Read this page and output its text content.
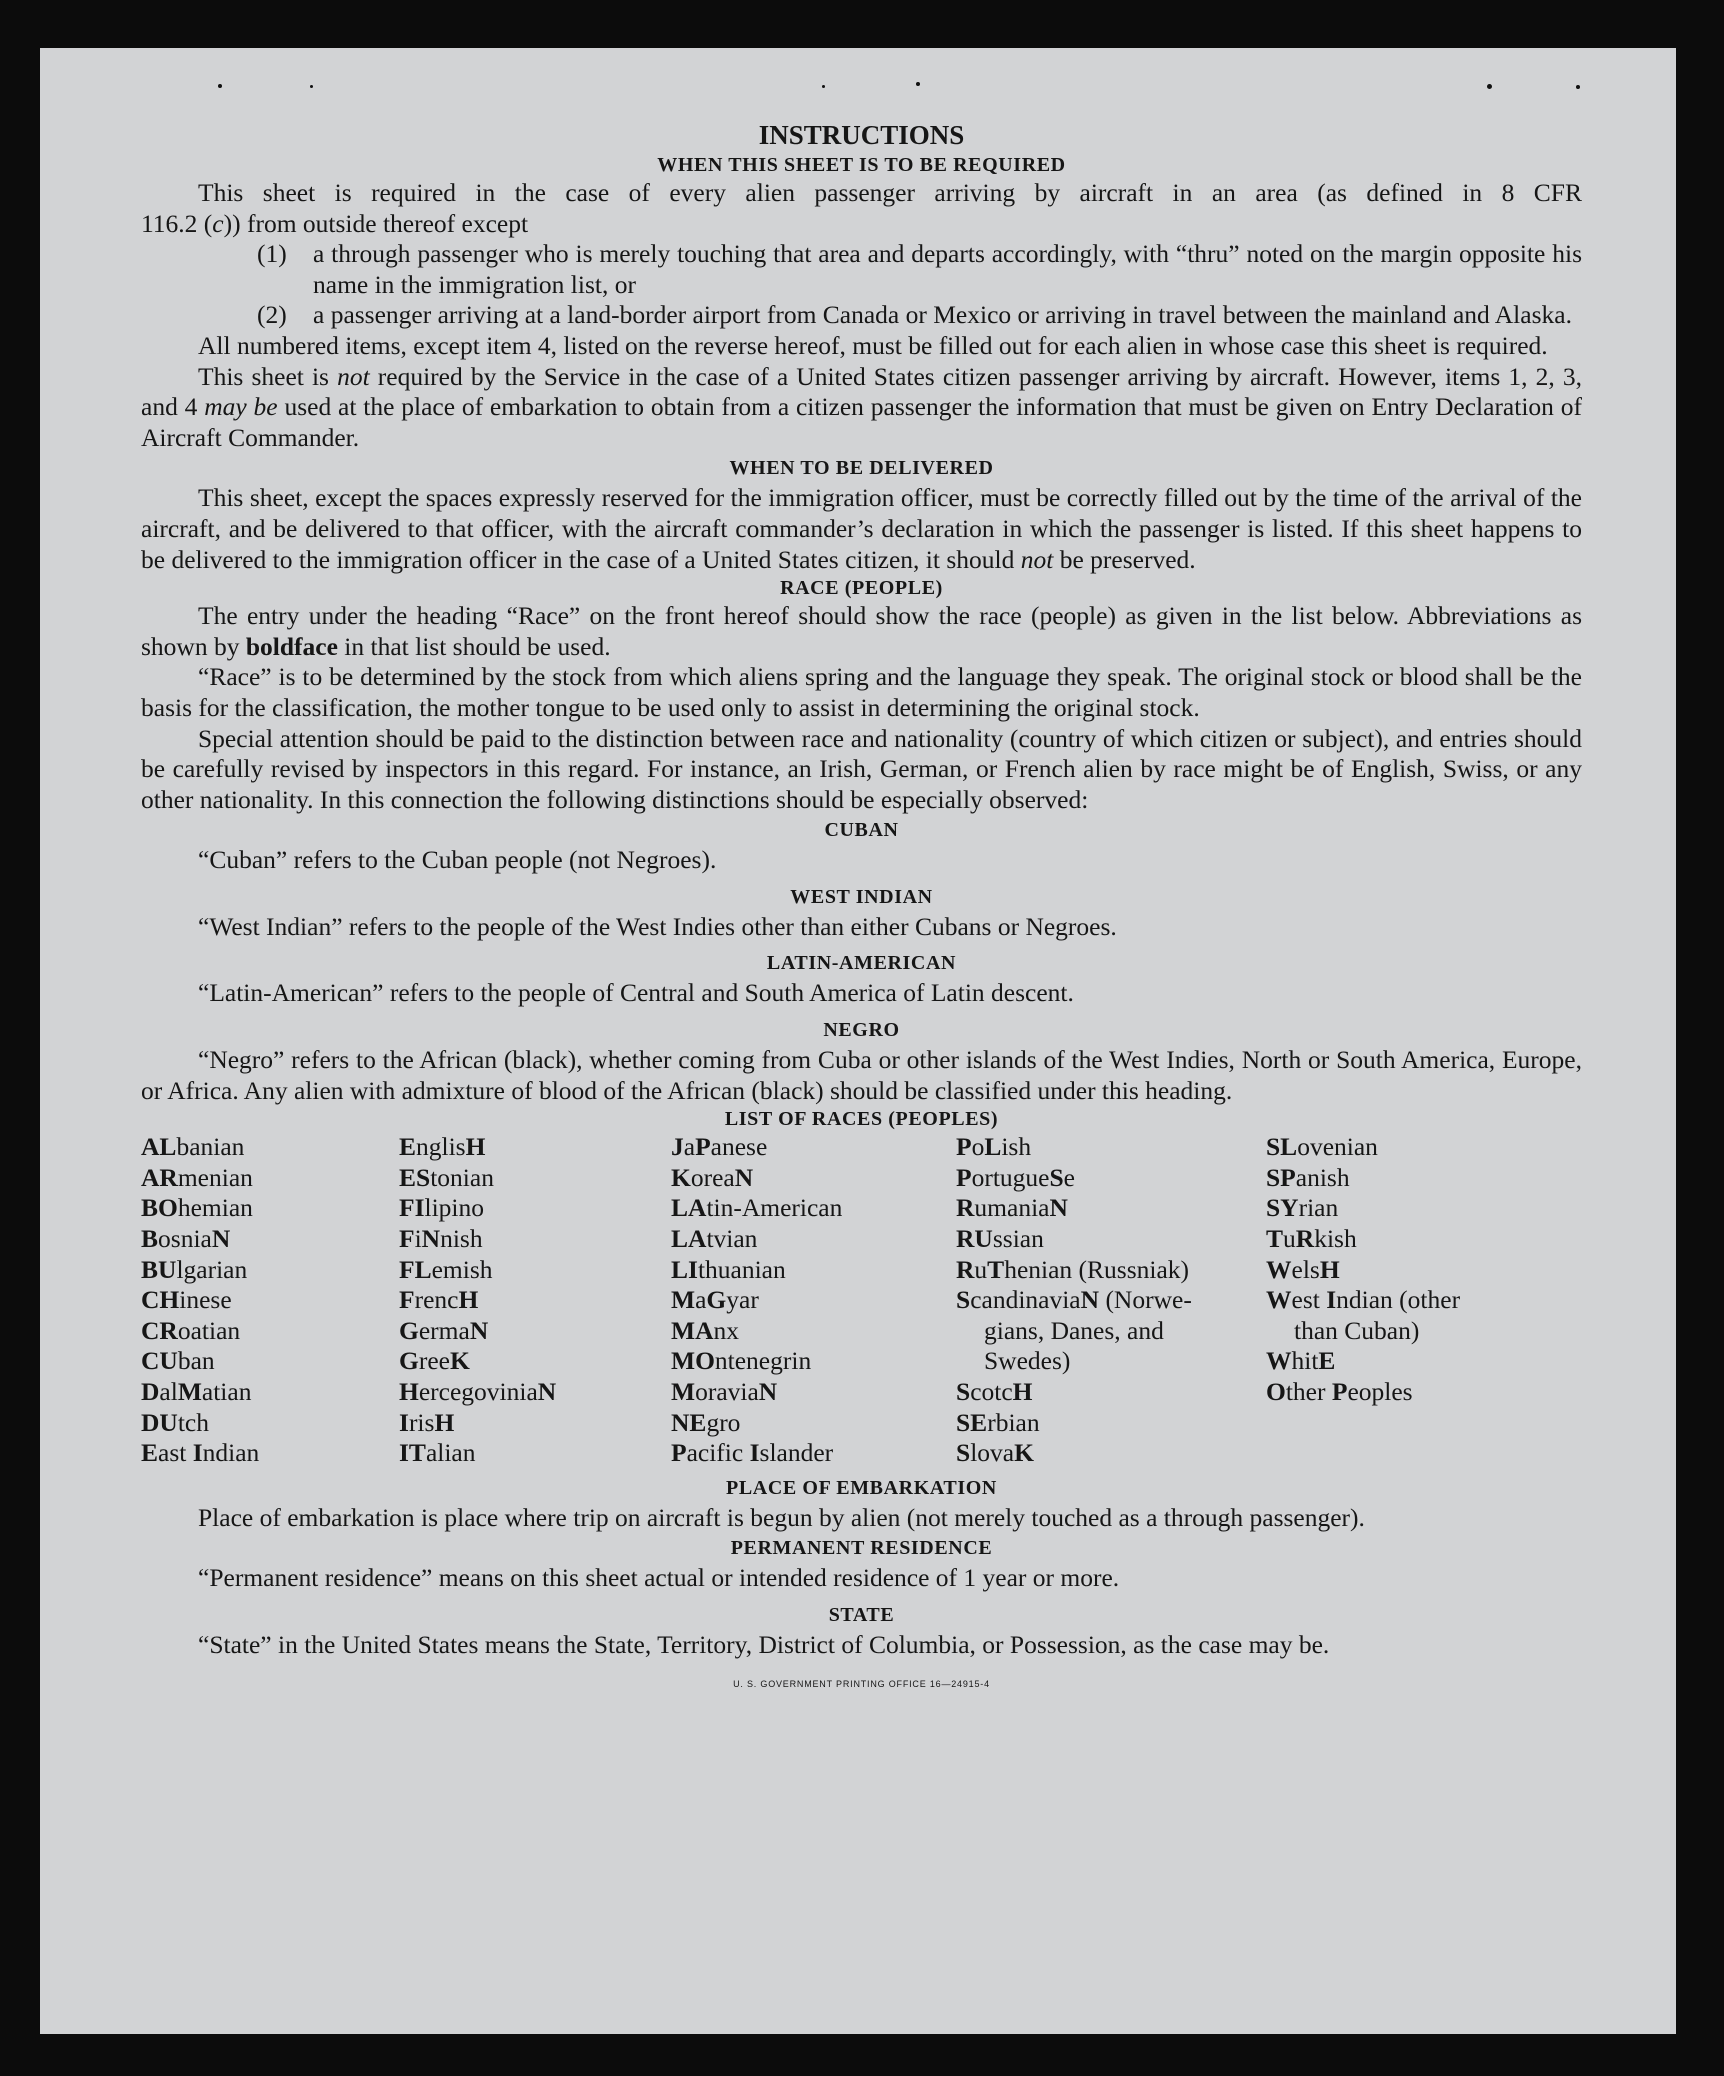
INSTRUCTIONS
WHEN THIS SHEET IS TO BE REQUIRED

This sheet is required in the case of every alien passenger arriving by aircraft in an area (as defined in 8 CFR

116.2 (c)) from outside thereof except

(1)	a through passenger who is merely touching that area and departs accordingly, with “thru” noted on the margin opposite his name in the immigration list, or
(2)	a passenger arriving at a land-border airport from Canada or Mexico or arriving in travel between the mainland and Alaska.

All numbered items, except item 4, listed on the reverse hereof, must be filled out for each alien in whose case this sheet is required.

This sheet is not required by the Service in the case of a United States citizen passenger arriving by aircraft. However, items 1, 2, 3, and 4 may be used at the place of embarkation to obtain from a citizen passenger the information that must be given on Entry Declaration of Aircraft Commander.

WHEN TO BE DELIVERED

This sheet, except the spaces expressly reserved for the immigration officer, must be correctly filled out by the time of the arrival of the aircraft, and be delivered to that officer, with the aircraft commander’s declaration in which the passenger is listed. If this sheet happens to be delivered to the immigration officer in the case of a United States citizen, it should not be preserved.

RACE (PEOPLE)

The entry under the heading “Race” on the front hereof should show the race (people) as given in the list below. Abbreviations as shown by boldface in that list should be used.

“Race” is to be determined by the stock from which aliens spring and the language they speak. The original stock or blood shall be the basis for the classification, the mother tongue to be used only to assist in determining the original stock.

Special attention should be paid to the distinction between race and nationality (country of which citizen or subject), and entries should be carefully revised by inspectors in this regard. For instance, an Irish, German, or French alien by race might be of English, Swiss, or any other nationality. In this connection the following distinctions should be especially observed:

CUBAN

“Cuban” refers to the Cuban people (not Negroes).

WEST INDIAN

“West Indian” refers to the people of the West Indies other than either Cubans or Negroes.

LATIN-AMERICAN

“Latin-American” refers to the people of Central and South America of Latin descent.

NEGRO

“Negro” refers to the African (black), whether coming from Cuba or other islands of the West Indies, North or South America, Europe, or Africa. Any alien with admixture of blood of the African (black) should be classified under this heading.

LIST OF RACES (PEOPLES)
ALbanian
ARmenian
BOhemian
BosniaN
BUlgarian
CHinese
CRoatian
CUban
DalMatian
DUtch
East Indian
EnglisH
EStonian
FIlipino
FiNnish
FLemish
FrencH
GermaN
GreeK
HercegoviniaN
IrisH
ITalian
JaPanese
KoreaN
LAtin-American
LAtvian
LIthuanian
MaGyar
MAnx
MOntenegrin
MoraviaN
NEgro
Pacific Islander
PoLish
PortugueSe
RumaniaN
RUssian
RuThenian (Russniak)
ScandinaviaN (Norwe-
gians, Danes, and
Swedes)
ScotcH
SErbian
SlovaK
SLovenian
SPanish
SYrian
TuRkish
WelsH
West Indian (other
than Cuban)
WhitE
Other Peoples
PLACE OF EMBARKATION

Place of embarkation is place where trip on aircraft is begun by alien (not merely touched as a through passenger).

PERMANENT RESIDENCE

“Permanent residence” means on this sheet actual or intended residence of 1 year or more.

STATE

“State” in the United States means the State, Territory, District of Columbia, or Possession, as the case may be.

U. S. GOVERNMENT PRINTING OFFICE 16—24915-4
